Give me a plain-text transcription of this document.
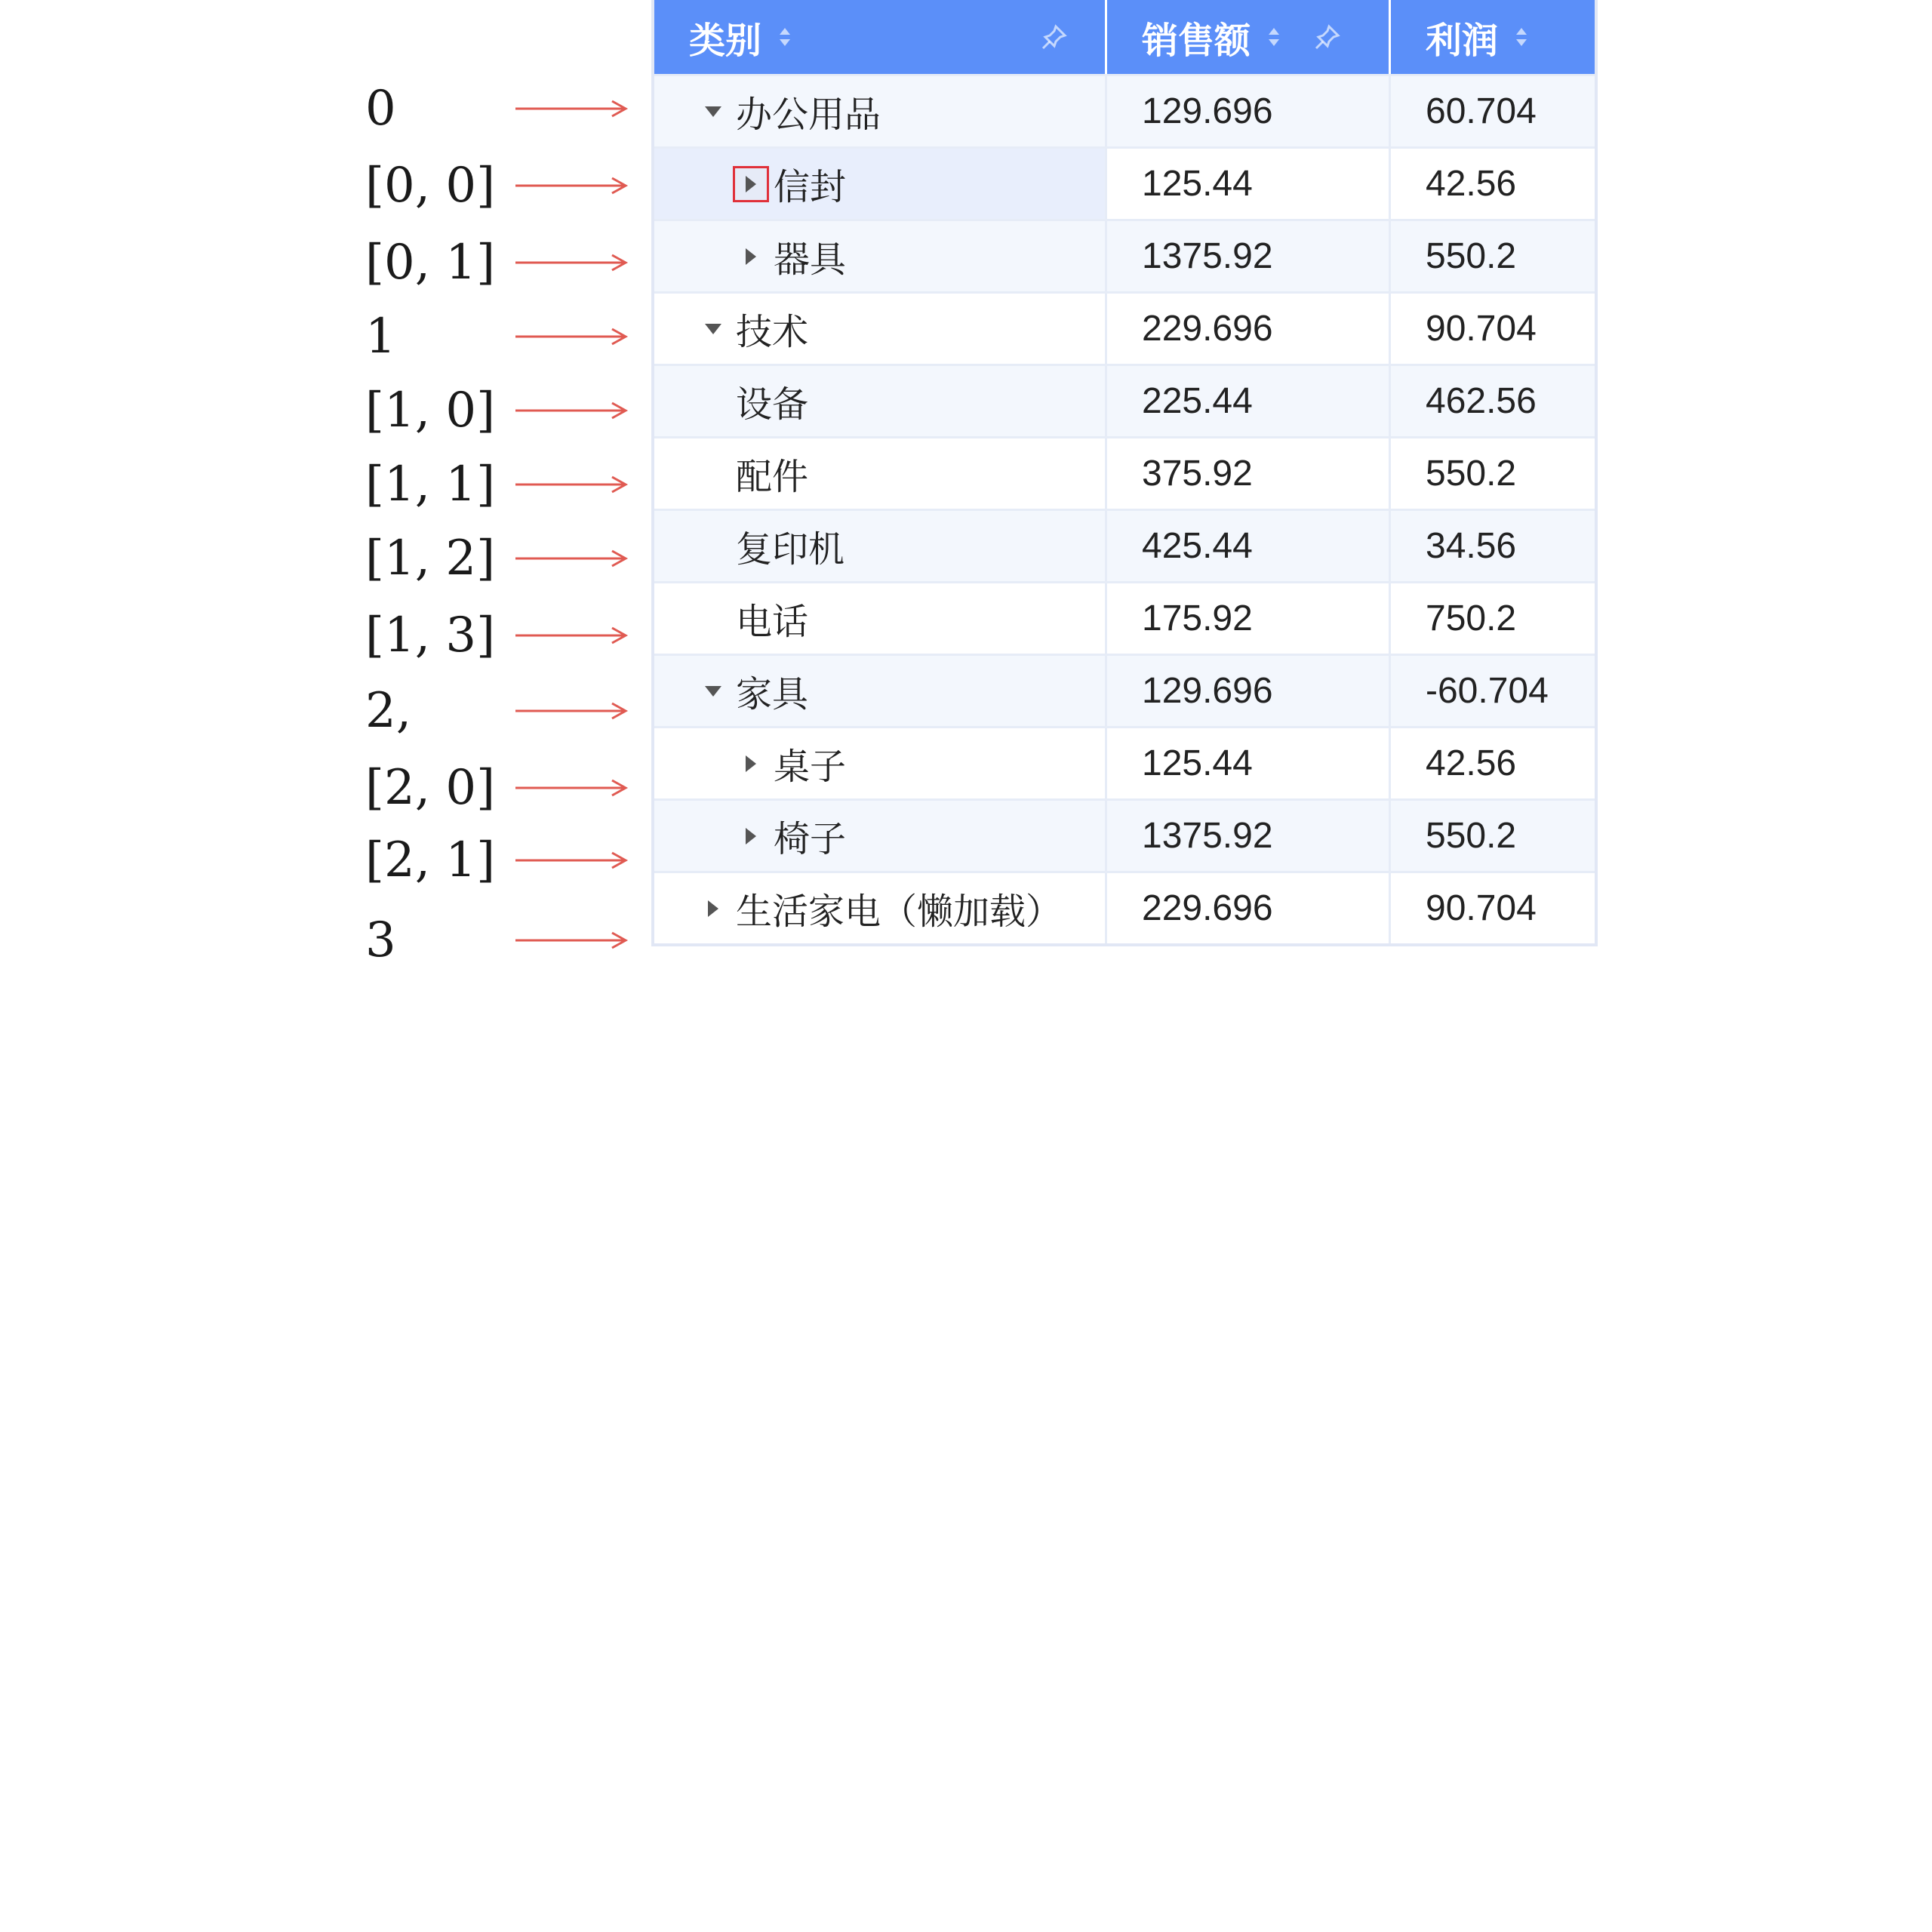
0
[0, 0]
[0, 1]
1
[1, 0]
[1, 1]
[1, 2]
[1, 3]
2,
[2, 0]
[2, 1]
3
类别	销售额	利润
办公用品	129.696	60.704
信封	125.44	42.56
器具	1375.92	550.2
技术	229.696	90.704
设备	225.44	462.56
配件	375.92	550.2
复印机	425.44	34.56
电话	175.92	750.2
家具	129.696	-60.704
桌子	125.44	42.56
椅子	1375.92	550.2
生活家电（懒加载）	229.696	90.704
